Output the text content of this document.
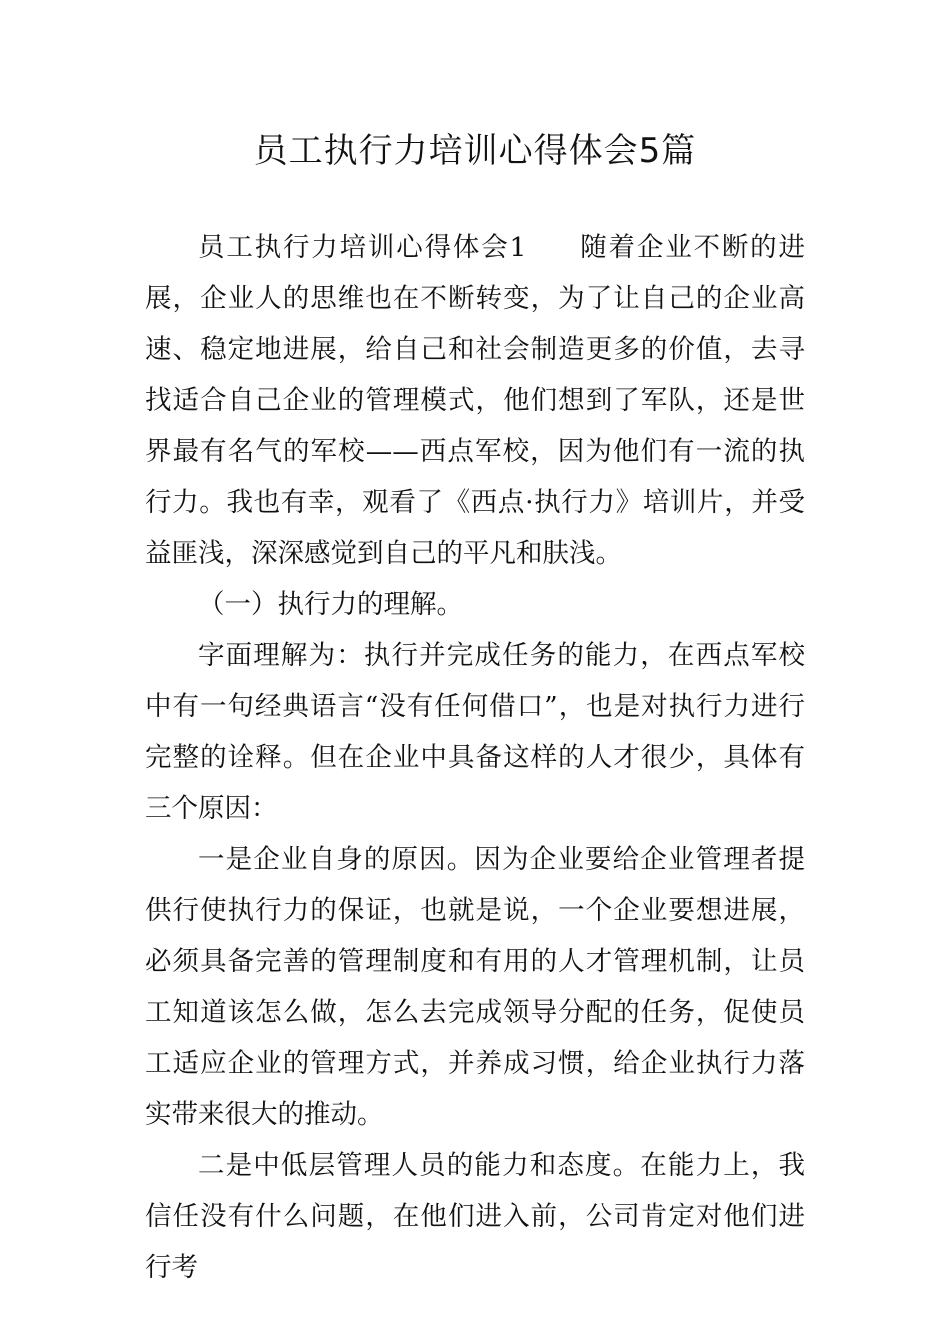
员工执行力培训心得体会5篇

员工执行力培训心得体会1 随着企业不断的进展，企业人的思维也在不断转变，为了让自己的企业高速、稳定地进展，给自己和社会制造更多的价值，去寻找适合自己企业的管理模式，他们想到了军队，还是世界最有名气的军校——西点军校，因为他们有一流的执行力。我也有幸，观看了《西点·执行力》培训片，并受益匪浅，深深感觉到自己的平凡和肤浅。

（一）执行力的理解。

字面理解为：执行并完成任务的能力，在西点军校中有一句经典语言“没有任何借口”，也是对执行力进行完整的诠释。但在企业中具备这样的人才很少，具体有三个原因：

一是企业自身的原因。因为企业要给企业管理者提供行使执行力的保证，也就是说，一个企业要想进展，必须具备完善的管理制度和有用的人才管理机制，让员工知道该怎么做，怎么去完成领导分配的任务，促使员工适应企业的管理方式，并养成习惯，给企业执行力落实带来很大的推动。

二是中低层管理人员的能力和态度。在能力上，我信任没有什么问题，在他们进入前，公司肯定对他们进行考
